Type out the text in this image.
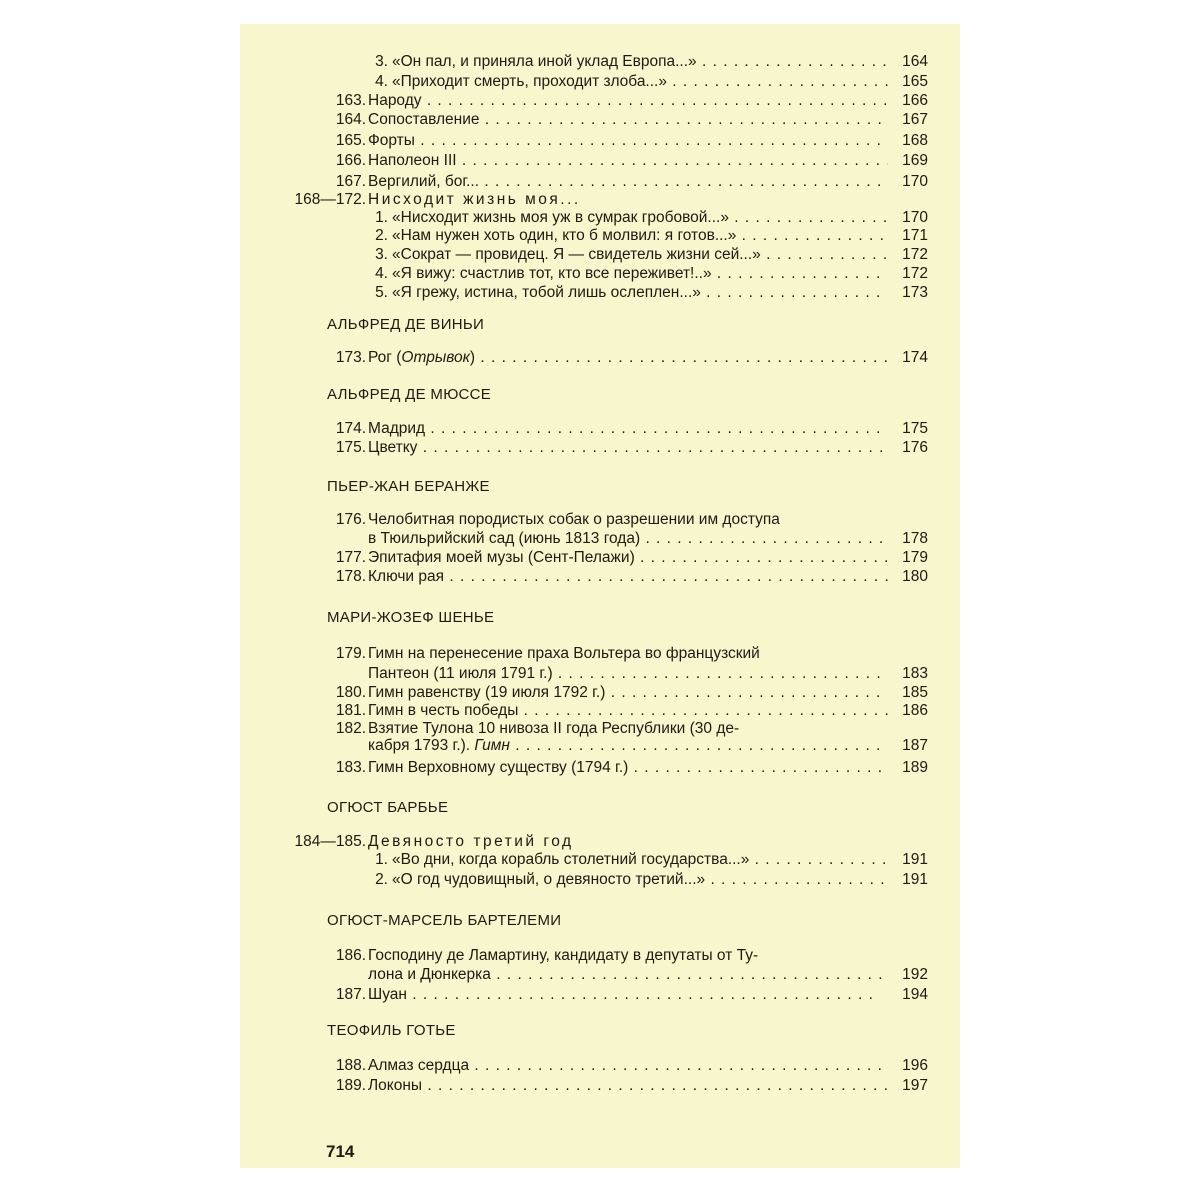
3. «Он пал, и приняла иной уклад Европа...» . .	164
4. «Приходит смерть, проходит злоба...» . .	165
163. Народу . .	166
164. Сопоставление . .	167
165. Форты . .	168
166. Наполеон III . .	169
167. Вергилий, бог... . .	170
168—172. Нисходит жизнь моя...
1. «Нисходит жизнь моя уж в сумрак гробовой...» . .	170
2. «Нам нужен хоть один, кто б молвил: я готов...» . .	171
3. «Сократ — провидец. Я — свидетель жизни сей...» . .	172
4. «Я вижу: счастлив тот, кто все переживет!..» . .	172
5. «Я грежу, истина, тобой лишь ослеплен...» . .	173
АЛЬФРЕД ДЕ ВИНЬИ
173. Рог (Отрывок) . .	174
АЛЬФРЕД ДЕ МЮССЕ
174. Мадрид . .	175
175. Цветку . .	176
ПЬЕР-ЖАН БЕРАНЖЕ
176. Челобитная породистых собак о разрешении им доступа
в Тюильрийский сад (июнь 1813 года) . .	178
177. Эпитафия моей музы (Сент-Пелажи) . .	179
178. Ключи рая . .	180
МАРИ-ЖОЗЕФ ШЕНЬЕ
179. Гимн на перенесение праха Вольтера во французский
Пантеон (11 июля 1791 г.) . .	183
180. Гимн равенству (19 июля 1792 г.) . .	185
181. Гимн в честь победы . .	186
182. Взятие Тулона 10 нивоза II года Республики (30 де-
кабря 1793 г.). Гимн . .	187
183. Гимн Верховному существу (1794 г.) . .	189
ОГЮСТ БАРБЬЕ
184—185. Девяносто третий год
1. «Во дни, когда корабль столетний государства...» . .	191
2. «О год чудовищный, о девяносто третий...» . .	191
ОГЮСТ-МАРСЕЛЬ БАРТЕЛЕМИ
186. Господину де Ламартину, кандидату в депутаты от Ту-
лона и Дюнкерка . .	192
187. Шуан . .	194
ТЕОФИЛЬ ГОТЬЕ
188. Алмаз сердца . .	196
189. Локоны . .	197
714
